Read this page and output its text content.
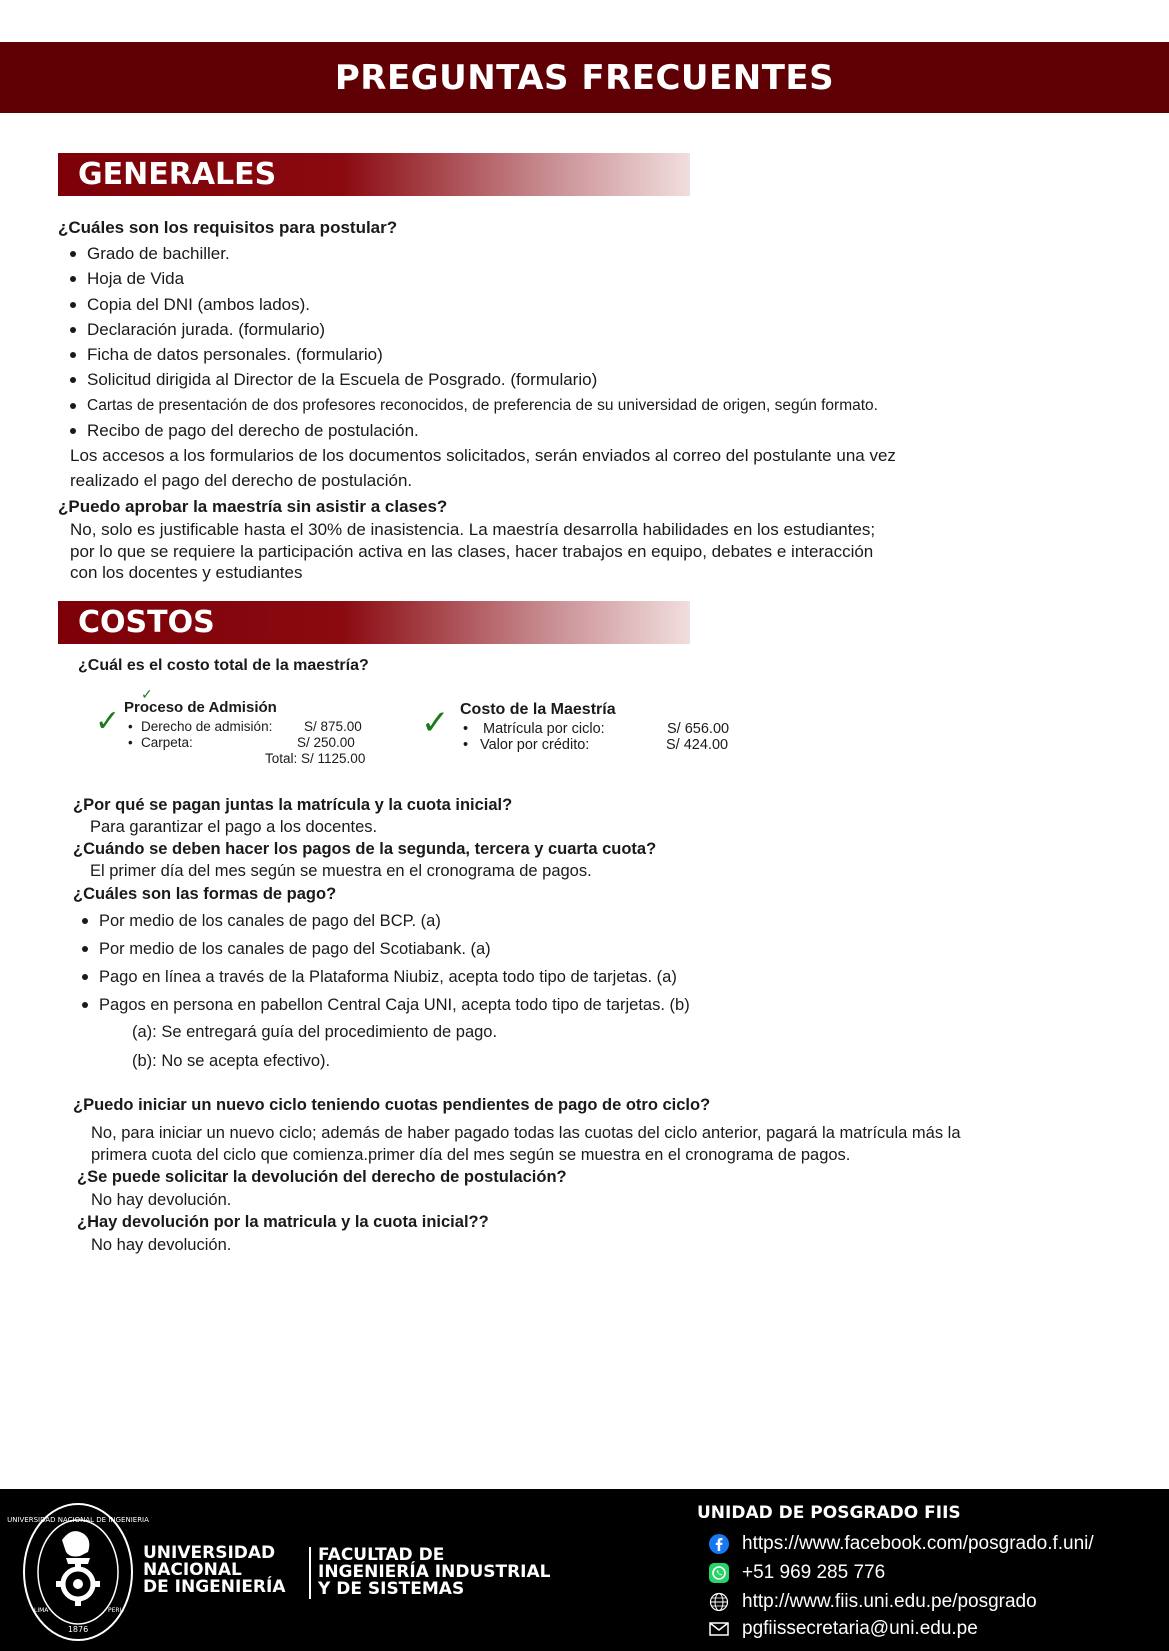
PREGUNTAS FRECUENTES
GENERALES
¿Cuáles son los requisitos para postular?
Grado de bachiller.
Hoja de Vida
Copia del DNI (ambos lados).
Declaración jurada. (formulario)
Ficha de datos personales. (formulario)
Solicitud dirigida al Director de la Escuela de Posgrado. (formulario)
Cartas de presentación de dos profesores reconocidos, de preferencia de su universidad de origen, según formato.
Recibo de pago del derecho de postulación.
Los accesos a los formularios de los documentos solicitados, serán enviados al correo del postulante una vez
realizado el pago del derecho de postulación.
¿Puedo aprobar la maestría sin asistir a clases?
No, solo es justificable hasta el 30% de inasistencia. La maestría desarrolla habilidades en los estudiantes;
por lo que se requiere la participación activa en las clases, hacer trabajos en equipo, debates e interacción
con los docentes y estudiantes
COSTOS
¿Cuál es el costo total de la maestría?
✓
✓
Proceso de Admisión
Derecho de admisión: S/ 875.00
Carpeta:	S/ 250.00
Total: S/ 1125.00
•
•	✓ Costo de la Maestría
•
•
Matrícula por ciclo:	S/ 656.00
Valor por crédito:	S/ 424.00
¿Por qué se pagan juntas la matrícula y la cuota inicial?
Para garantizar el pago a los docentes.
¿Cuándo se deben hacer los pagos de la segunda, tercera y cuarta cuota?
El primer día del mes según se muestra en el cronograma de pagos.
¿Cuáles son las formas de pago?
Por medio de los canales de pago del BCP. (a)
Por medio de los canales de pago del Scotiabank. (a)
Pago en línea a través de la Plataforma Niubiz, acepta todo tipo de tarjetas. (a)
Pagos en persona en pabellon Central Caja UNI, acepta todo tipo de tarjetas. (b)
(a): Se entregará guía del procedimiento de pago.
(b): No se acepta efectivo).
¿Puedo iniciar un nuevo ciclo teniendo cuotas pendientes de pago de otro ciclo?
No, para iniciar un nuevo ciclo; además de haber pagado todas las cuotas del ciclo anterior, pagará la matrícula más la
primera cuota del ciclo que comienza.primer día del mes según se muestra en el cronograma de pagos.
¿Se puede solicitar la devolución del derecho de postulación?
No hay devolución.
¿Hay devolución por la matricula y la cuota inicial??
No hay devolución.
UNIVERSIDAD NACIONAL DE INGENIERIA
1876
LIMA	PERU
UNIVERSIDAD
NACIONAL
DE INGENIERÍA
FACULTAD DE
INGENIERÍA INDUSTRIAL
Y DE SISTEMAS
UNIDAD DE POSGRADO FIIS
https://www.facebook.com/posgrado.f.uni/
+51 969 285 776
http://www.fiis.uni.edu.pe/posgrado
pgfiissecretaria@uni.edu.pe
